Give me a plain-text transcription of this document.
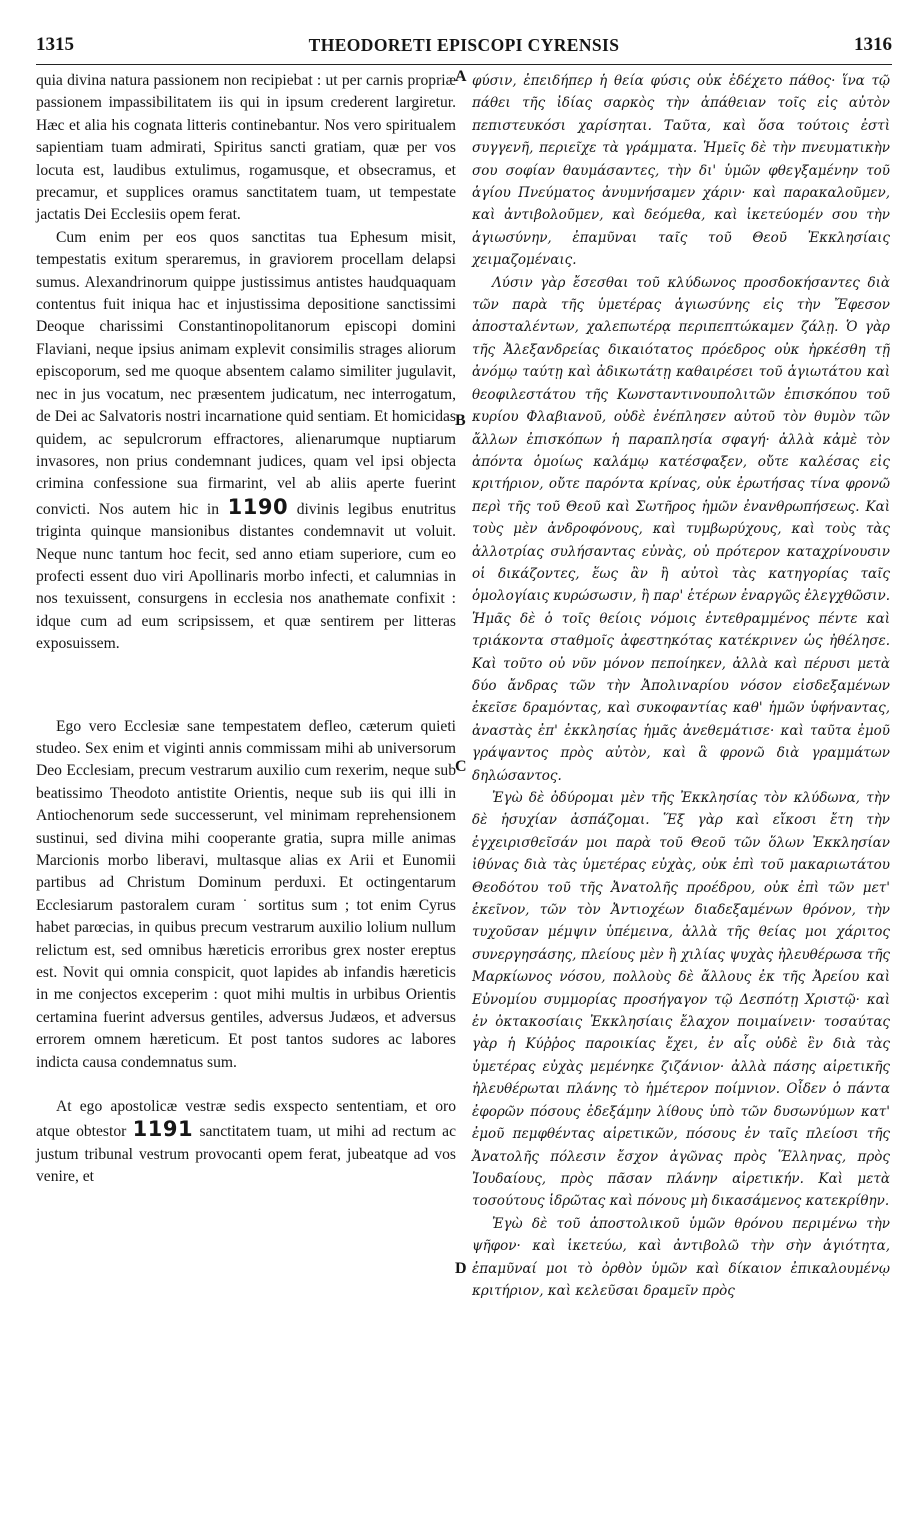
1315	THEODORETI EPISCOPI CYRENSIS	1316
A
B
C
D

quia divina natura passionem non recipiebat : ut per carnis propriæ passionem impassibilitatem iis qui in ipsum crederent largiretur. Hæc et alia his cognata litteris continebantur. Nos vero spiritualem sapientiam tuam admirati, Spiritus sancti gratiam, quæ per vos locuta est, laudibus extulimus, rogamusque, et obsecramus, et precamur, et supplices oramus sanctitatem tuam, ut tempestate jactatis Dei Ecclesiis opem ferat.

Cum enim per eos quos sanctitas tua Ephesum misit, tempestatis exitum speraremus, in graviorem procellam delapsi sumus. Alexandrinorum quippe justissimus antistes haudquaquam contentus fuit iniqua hac et injustissima depositione sanctissimi Deoque charissimi Constantinopolitanorum episcopi domini Flaviani, neque ipsius animam explevit consimilis strages aliorum episcoporum, sed me quoque absentem calamo similiter jugulavit, nec in jus vocatum, nec præsentem judicatum, nec interrogatum, de Dei ac Salvatoris nostri incarnatione quid sentiam. Et homicidas quidem, ac sepulcrorum effractores, alienarumque nuptiarum invasores, non prius condemnant judices, quam vel ipsi objecta crimina confessione sua firmarint, vel ab aliis aperte fuerint convicti. Nos autem hic in 1190 divinis legibus enutritus triginta quinque mansionibus distantes condemnavit ut voluit. Neque nunc tantum hoc fecit, sed anno etiam superiore, cum eo profecti essent duo viri Apollinaris morbo infecti, et calumnias in nos texuissent, consurgens in ecclesia nos anathemate confixit : idque cum ad eum scripsissem, et quæ sentirem per litteras exposuissem.

Ego vero Ecclesiæ sane tempestatem defleo, cæterum quieti studeo. Sex enim et viginti annis commissam mihi ab universorum Deo Ecclesiam, precum vestrarum auxilio cum rexerim, neque sub beatissimo Theodoto antistite Orientis, neque sub iis qui illi in Antiochenorum sede successerunt, vel minimam reprehensionem sustinui, sed divina mihi cooperante gratia, supra mille animas Marcionis morbo liberavi, multasque alias ex Arii et Eunomii partibus ad Christum Dominum perduxi. Et octingentarum Ecclesiarum pastoralem curam ˙ sortitus sum ; tot enim Cyrus habet parœcias, in quibus precum vestrarum auxilio lolium nullum relictum est, sed omnibus hæreticis erroribus grex noster ereptus est. Novit qui omnia conspicit, quot lapides ab infandis hæreticis in me conjectos exceperim : quot mihi multis in urbibus Orientis certamina fuerint adversus gentiles, adversus Judæos, et adversus errorem omnem hæreticum. Et post tantos sudores ac labores indicta causa condemnatus sum.

At ego apostolicæ vestræ sedis exspecto sententiam, et oro atque obtestor 1191 sanctitatem tuam, ut mihi ad rectum ac justum tribunal vestrum provocanti opem ferat, jubeatque ad vos venire, et

φύσιν, ἐπειδήπερ ἡ θεία φύσις οὐκ ἐδέχετο πάθος· ἵνα τῷ πάθει τῆς ἰδίας σαρκὸς τὴν ἀπάθειαν τοῖς εἰς αὐτὸν πεπιστευκόσι χαρίσηται. Ταῦτα, καὶ ὅσα τούτοις ἐστὶ συγγενῆ, περιεῖχε τὰ γράμματα. Ἡμεῖς δὲ τὴν πνευματικὴν σου σοφίαν θαυμάσαντες, τὴν δι' ὑμῶν φθεγξαμένην τοῦ ἁγίου Πνεύματος ἀνυμνήσαμεν χάριν· καὶ παρακαλοῦμεν, καὶ ἀντιβολοῦμεν, καὶ δεόμεθα, καὶ ἱκετεύομέν σου τὴν ἁγιωσύνην, ἐπαμῦναι ταῖς τοῦ Θεοῦ Ἐκκλησίαις χειμαζομέναις.

Λύσιν γὰρ ἔσεσθαι τοῦ κλύδωνος προσδοκήσαντες διὰ τῶν παρὰ τῆς ὑμετέρας ἁγιωσύνης εἰς τὴν Ἔφεσον ἀποσταλέντων, χαλεπωτέρᾳ περιπεπτώκαμεν ζάλῃ. Ὁ γὰρ τῆς Ἀλεξανδρείας δικαιότατος πρόεδρος οὐκ ἠρκέσθη τῇ ἀνόμῳ ταύτῃ καὶ ἀδικωτάτῃ καθαιρέσει τοῦ ἁγιωτάτου καὶ θεοφιλεστάτου τῆς Κωνσταντινουπολιτῶν ἐπισκόπου τοῦ κυρίου Φλαβιανοῦ, οὐδὲ ἐνέπλησεν αὐτοῦ τὸν θυμὸν τῶν ἄλλων ἐπισκόπων ἡ παραπλησία σφαγή· ἀλλὰ κἀμὲ τὸν ἀπόντα ὁμοίως καλάμῳ κατέσφαξεν, οὔτε καλέσας εἰς κριτήριον, οὔτε παρόντα κρίνας, οὐκ ἐρωτήσας τίνα φρονῶ περὶ τῆς τοῦ Θεοῦ καὶ Σωτῆρος ἡμῶν ἐνανθρωπήσεως. Καὶ τοὺς μὲν ἀνδροφόνους, καὶ τυμβωρύχους, καὶ τοὺς τὰς ἀλλοτρίας συλήσαντας εὐνὰς, οὐ πρότερον καταχρίνουσιν οἱ δικάζοντες, ἕως ἂν ἢ αὐτοὶ τὰς κατηγορίας ταῖς ὁμολογίαις κυρώσωσιν, ἢ παρ' ἑτέρων ἐναργῶς ἐλεγχθῶσιν. Ἡμᾶς δὲ ὁ τοῖς θείοις νόμοις ἐντεθραμμένος πέντε καὶ τριάκοντα σταθμοῖς ἀφεστηκότας κατέκρινεν ὡς ἠθέλησε. Καὶ τοῦτο οὐ νῦν μόνον πεποίηκεν, ἀλλὰ καὶ πέρυσι μετὰ δύο ἄνδρας τῶν τὴν Ἀπολιναρίου νόσον εἰσδεξαμένων ἐκεῖσε δραμόντας, καὶ συκοφαντίας καθ' ἡμῶν ὑφήναντας, ἀναστὰς ἐπ' ἐκκλησίας ἡμᾶς ἀνεθεμάτισε· καὶ ταῦτα ἐμοῦ γράψαντος πρὸς αὐτὸν, καὶ ἃ φρονῶ διὰ γραμμάτων δηλώσαντος.

Ἐγὼ δὲ ὀδύρομαι μὲν τῆς Ἐκκλησίας τὸν κλύδωνα, τὴν δὲ ἡσυχίαν ἀσπάζομαι. Ἕξ γὰρ καὶ εἴκοσι ἔτη τὴν ἐγχειρισθεῖσάν μοι παρὰ τοῦ Θεοῦ τῶν ὅλων Ἐκκλησίαν ἰθύνας διὰ τὰς ὑμετέρας εὐχὰς, οὐκ ἐπὶ τοῦ μακαριωτάτου Θεοδότου τοῦ τῆς Ἀνατολῆς προέδρου, οὐκ ἐπὶ τῶν μετ' ἐκεῖνον, τῶν τὸν Ἀντιοχέων διαδεξαμένων θρόνον, τὴν τυχοῦσαν μέμψιν ὑπέμεινα, ἀλλὰ τῆς θείας μοι χάριτος συνεργησάσης, πλείους μὲν ἢ χιλίας ψυχὰς ἠλευθέρωσα τῆς Μαρκίωνος νόσου, πολλοὺς δὲ ἄλλους ἐκ τῆς Ἀρείου καὶ Εὐνομίου συμμορίας προσήγαγον τῷ Δεσπότῃ Χριστῷ· καὶ ἐν ὀκτακοσίαις Ἐκκλησίαις ἔλαχον ποιμαίνειν· τοσαύτας γὰρ ἡ Κύῤῥος παροικίας ἔχει, ἐν αἷς οὐδὲ ἓν διὰ τὰς ὑμετέρας εὐχὰς μεμένηκε ζιζάνιον· ἀλλὰ πάσης αἱρετικῆς ἠλευθέρωται πλάνης τὸ ἡμέτερον ποίμνιον. Οἶδεν ὁ πάντα ἐφορῶν πόσους ἐδεξάμην λίθους ὑπὸ τῶν δυσωνύμων κατ' ἐμοῦ πεμφθέντας αἱρετικῶν, πόσους ἐν ταῖς πλείοσι τῆς Ἀνατολῆς πόλεσιν ἔσχον ἀγῶνας πρὸς Ἕλληνας, πρὸς Ἰουδαίους, πρὸς πᾶσαν πλάνην αἱρετικήν. Καὶ μετὰ τοσούτους ἱδρῶτας καὶ πόνους μὴ δικασάμενος κατεκρίθην.

Ἐγὼ δὲ τοῦ ἀποστολικοῦ ὑμῶν θρόνου περιμένω τὴν ψῆφον· καὶ ἱκετεύω, καὶ ἀντιβολῶ τὴν σὴν ἁγιότητα, ἐπαμῦναί μοι τὸ ὀρθὸν ὑμῶν καὶ δίκαιον ἐπικαλουμένῳ κριτήριον, καὶ κελεῦσαι δραμεῖν πρὸς
